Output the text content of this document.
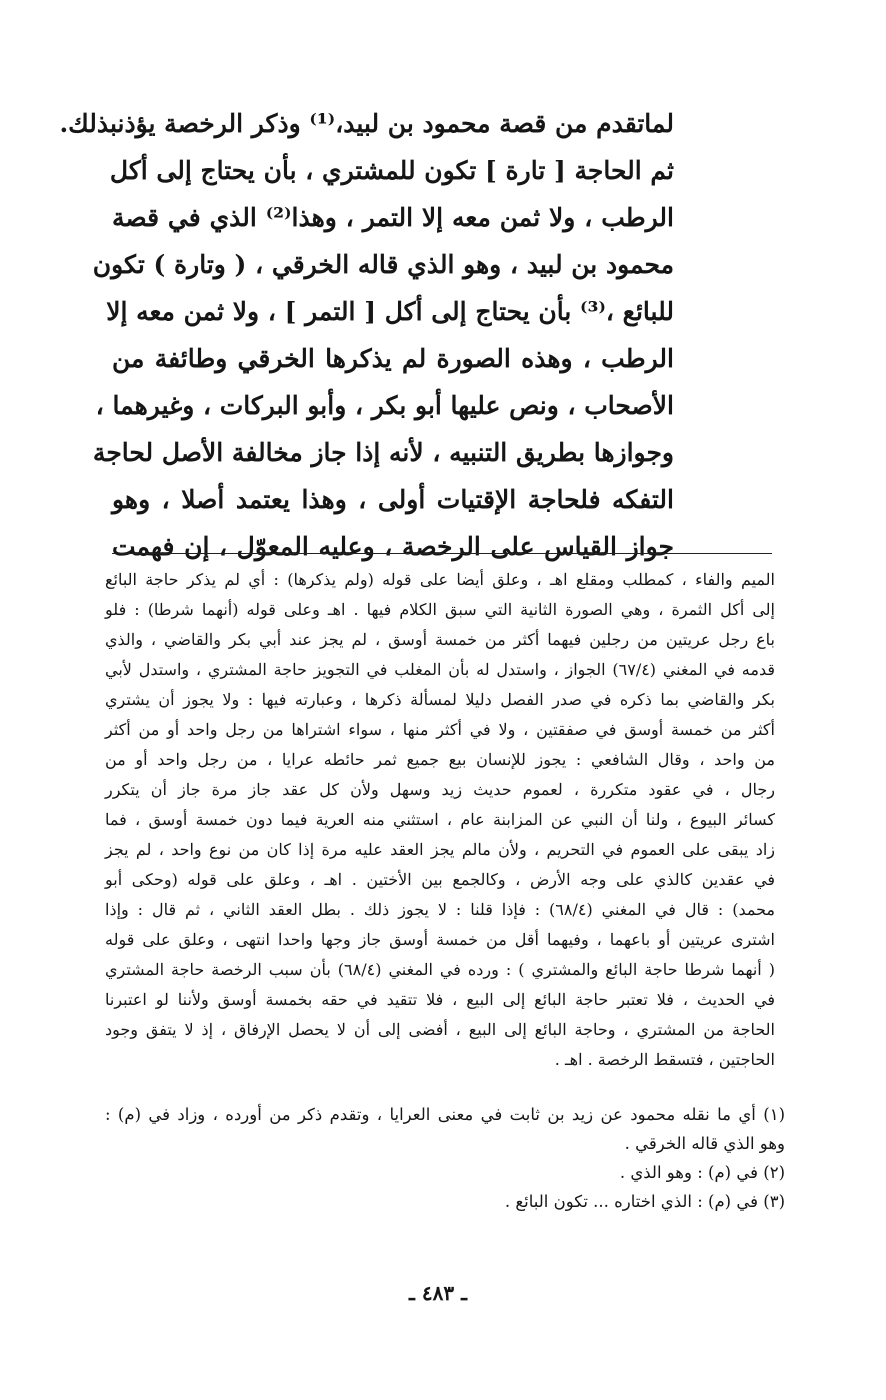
لماتقدم من قصة محمود بن لبيد،⁽¹⁾ وذكر الرخصة يؤذنبذلك.
ثم الحاجة [ تارة ] تكون للمشتري ، بأن يحتاج إلى أكل
الرطب ، ولا ثمن معه إلا التمر ، وهذا⁽²⁾ الذي في قصة
محمود بن لبيد ، وهو الذي قاله الخرقي ، ( وتارة ) تكون
للبائع ،⁽³⁾ بأن يحتاج إلى أكل [ التمر ] ، ولا ثمن معه إلا
الرطب ، وهذه الصورة لم يذكرها الخرقي وطائفة من
الأصحاب ، ونص عليها أبو بكر ، وأبو البركات ، وغيرهما ،
وجوازها بطريق التنبيه ، لأنه إذا جاز مخالفة الأصل لحاجة
التفكه فلحاجة الإقتيات أولى ، وهذا يعتمد أصلا ، وهو
جواز القياس على الرخصة ، وعليه المعوّل ، إن فهمت
الميم والفاء ، كمطلب ومقلع اهـ ، وعلق أيضا على قوله (ولم يذكرها) : أي لم يذكر حاجة البائع
إلى أكل الثمرة ، وهي الصورة الثانية التي سبق الكلام فيها . اهـ وعلى قوله (أنهما شرطا) : فلو
باع رجل عريتين من رجلين فيهما أكثر من خمسة أوسق ، لم يجز عند أبي بكر والقاضي ، والذي
قدمه في المغني (٦٧/٤) الجواز ، واستدل له بأن المغلب في التجويز حاجة المشتري ، واستدل لأبي
بكر والقاضي بما ذكره في صدر الفصل دليلا لمسألة ذكرها ، وعبارته فيها : ولا يجوز أن يشتري
أكثر من خمسة أوسق في صفقتين ، ولا في أكثر منها ، سواء اشتراها من رجل واحد أو من أكثر
من واحد ، وقال الشافعي : يجوز للإنسان بيع جميع ثمر حائطه عرايا ، من رجل واحد أو من
رجال ، في عقود متكررة ، لعموم حديث زيد وسهل ولأن كل عقد جاز مرة جاز أن يتكرر
كسائر البيوع ، ولنا أن النبي عن المزابنة عام ، استثني منه العرية فيما دون خمسة أوسق ، فما
زاد يبقى على العموم في التحريم ، ولأن مالم يجز العقد عليه مرة إذا كان من نوع واحد ، لم يجز
في عقدين كالذي على وجه الأرض ، وكالجمع بين الأختين . اهـ ، وعلق على قوله (وحكى أبو
محمد) : قال في المغني (٦٨/٤) : فإذا قلنا : لا يجوز ذلك . بطل العقد الثاني ، ثم قال : وإذا
اشترى عريتين أو باعهما ، وفيهما أقل من خمسة أوسق جاز وجها واحدا انتهى ، وعلق على قوله
( أنهما شرطا حاجة البائع والمشتري ) : ورده في المغني (٦٨/٤) بأن سبب الرخصة حاجة المشتري
في الحديث ، فلا تعتبر حاجة البائع إلى البيع ، فلا تتقيد في حقه بخمسة أوسق ولأننا لو اعتبرنا
الحاجة من المشتري ، وحاجة البائع إلى البيع ، أفضى إلى أن لا يحصل الإرفاق ، إذ لا يتفق وجود
الحاجتين ، فتسقط الرخصة . اهـ .
(١) أي ما نقله محمود عن زيد بن ثابت في معنى العرايا ، وتقدم ذكر من أورده ، وزاد في (م) :
وهو الذي قاله الخرقي .
(٢) في (م) : وهو الذي .
(٣) في (م) : الذي اختاره ... تكون البائع .
ـ ٤٨٣ ـ
